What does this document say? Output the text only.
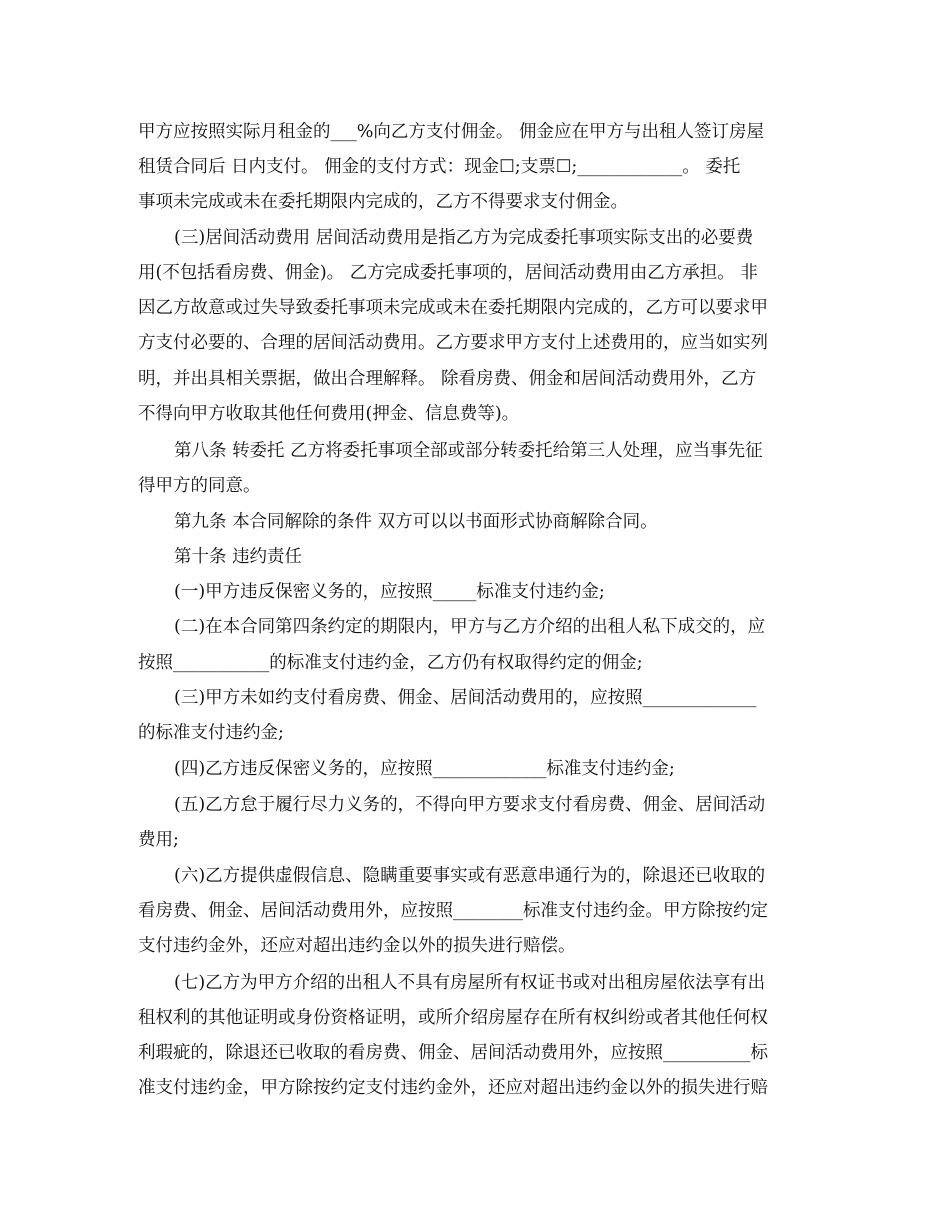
甲方应按照实际月租金的___%向乙方支付佣金。 佣金应在甲方与出租人签订房屋
租赁合同后 日内支付。 佣金的支付方式：现金☐;支票☐;____________。 委托
事项未完成或未在委托期限内完成的，乙方不得要求支付佣金。
(三)居间活动费用 居间活动费用是指乙方为完成委托事项实际支出的必要费
用(不包括看房费、佣金)。 乙方完成委托事项的，居间活动费用由乙方承担。 非
因乙方故意或过失导致委托事项未完成或未在委托期限内完成的，乙方可以要求甲
方支付必要的、合理的居间活动费用。乙方要求甲方支付上述费用的，应当如实列
明，并出具相关票据，做出合理解释。 除看房费、佣金和居间活动费用外，乙方
不得向甲方收取其他任何费用(押金、信息费等)。
第八条 转委托 乙方将委托事项全部或部分转委托给第三人处理，应当事先征
得甲方的同意。
第九条 本合同解除的条件 双方可以以书面形式协商解除合同。
第十条 违约责任
(一)甲方违反保密义务的，应按照_____标准支付违约金;
(二)在本合同第四条约定的期限内，甲方与乙方介绍的出租人私下成交的，应
按照___________的标准支付违约金，乙方仍有权取得约定的佣金;
(三)甲方未如约支付看房费、佣金、居间活动费用的，应按照_____________
的标准支付违约金;
(四)乙方违反保密义务的，应按照_____________标准支付违约金;
(五)乙方怠于履行尽力义务的，不得向甲方要求支付看房费、佣金、居间活动
费用;
(六)乙方提供虚假信息、隐瞒重要事实或有恶意串通行为的，除退还已收取的
看房费、佣金、居间活动费用外，应按照________标准支付违约金。甲方除按约定
支付违约金外，还应对超出违约金以外的损失进行赔偿。
(七)乙方为甲方介绍的出租人不具有房屋所有权证书或对出租房屋依法享有出
租权利的其他证明或身份资格证明，或所介绍房屋存在所有权纠纷或者其他任何权
利瑕疵的，除退还已收取的看房费、佣金、居间活动费用外，应按照__________标
准支付违约金，甲方除按约定支付违约金外，还应对超出违约金以外的损失进行赔
